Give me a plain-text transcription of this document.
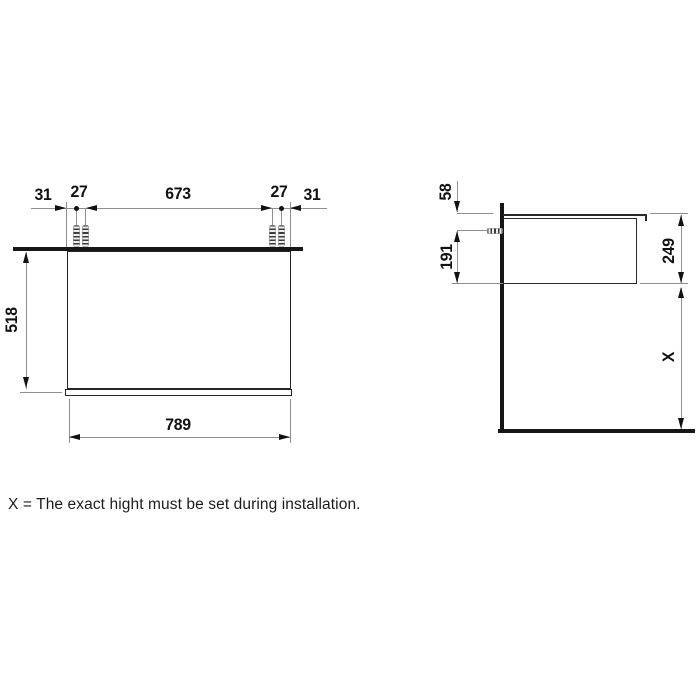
31 27	673	27 31
518
789
58
191	249
X
X = The exact hight must be set during installation.
